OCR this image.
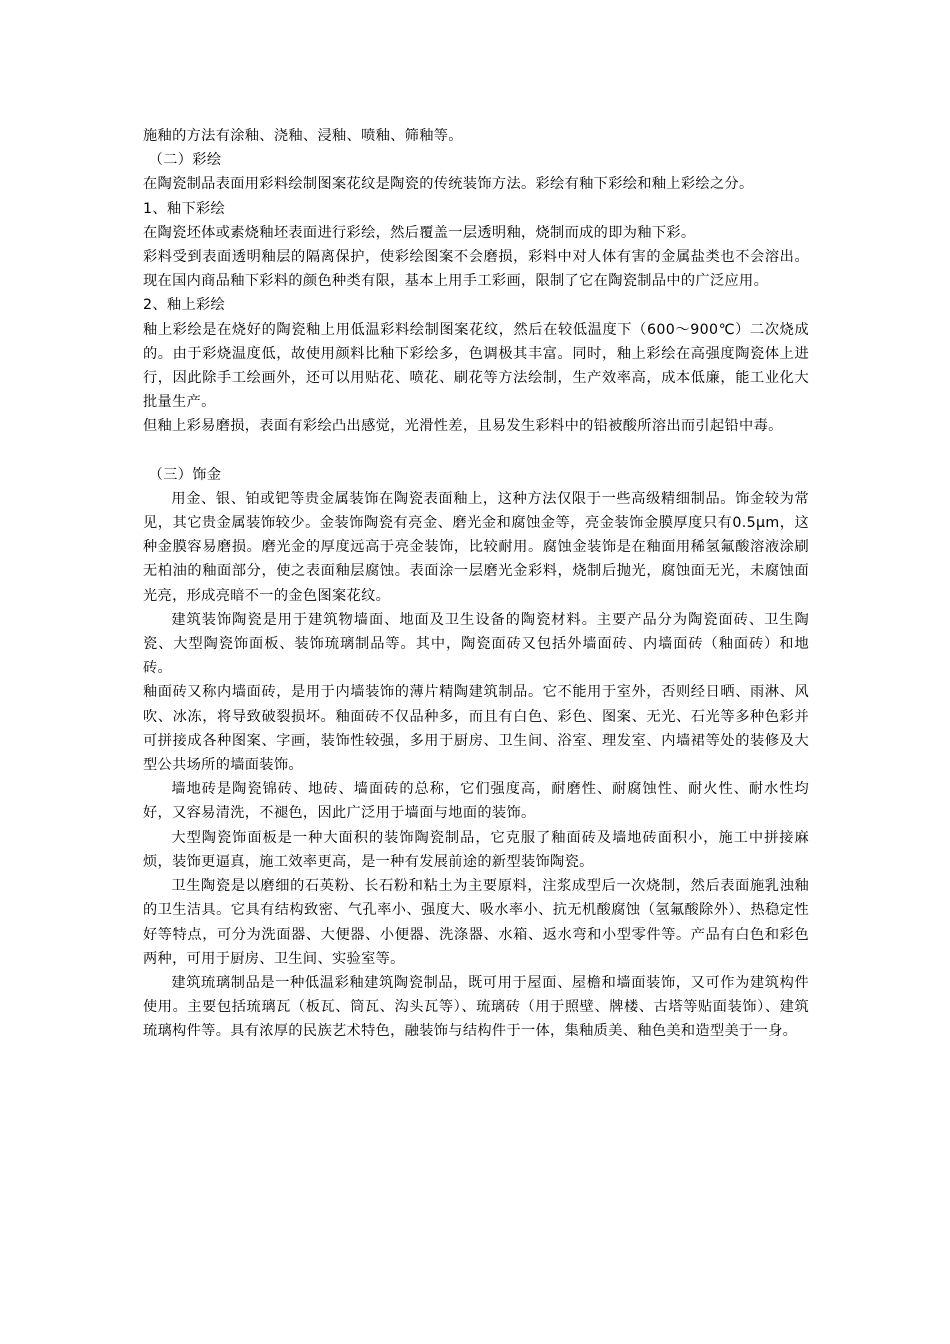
施釉的方法有涂釉、浇釉、浸釉、喷釉、筛釉等。

（二）彩绘

在陶瓷制品表面用彩料绘制图案花纹是陶瓷的传统装饰方法。彩绘有釉下彩绘和釉上彩绘之分。

1、釉下彩绘

在陶瓷坯体或素烧釉坯表面进行彩绘，然后覆盖一层透明釉，烧制而成的即为釉下彩。

彩料受到表面透明釉层的隔离保护，使彩绘图案不会磨损，彩料中对人体有害的金属盐类也不会溶出。现在国内商品釉下彩料的颜色种类有限，基本上用手工彩画，限制了它在陶瓷制品中的广泛应用。

2、釉上彩绘

釉上彩绘是在烧好的陶瓷釉上用低温彩料绘制图案花纹，然后在较低温度下（600～900℃）二次烧成的。由于彩烧温度低，故使用颜料比釉下彩绘多，色调极其丰富。同时，釉上彩绘在高强度陶瓷体上进行，因此除手工绘画外，还可以用贴花、喷花、刷花等方法绘制，生产效率高，成本低廉，能工业化大批量生产。

但釉上彩易磨损，表面有彩绘凸出感觉，光滑性差，且易发生彩料中的铅被酸所溶出而引起铅中毒。

（三）饰金

用金、银、铂或钯等贵金属装饰在陶瓷表面釉上，这种方法仅限于一些高级精细制品。饰金较为常见，其它贵金属装饰较少。金装饰陶瓷有亮金、磨光金和腐蚀金等，亮金装饰金膜厚度只有0.5μm，这种金膜容易磨损。磨光金的厚度远高于亮金装饰，比较耐用。腐蚀金装饰是在釉面用稀氢氟酸溶液涂刷无柏油的釉面部分，使之表面釉层腐蚀。表面涂一层磨光金彩料，烧制后抛光，腐蚀面无光，未腐蚀面光亮，形成亮暗不一的金色图案花纹。

建筑装饰陶瓷是用于建筑物墙面、地面及卫生设备的陶瓷材料。主要产品分为陶瓷面砖、卫生陶瓷、大型陶瓷饰面板、装饰琉璃制品等。其中，陶瓷面砖又包括外墙面砖、内墙面砖（釉面砖）和地砖。

釉面砖又称内墙面砖，是用于内墙装饰的薄片精陶建筑制品。它不能用于室外，否则经日晒、雨淋、风吹、冰冻，将导致破裂损坏。釉面砖不仅品种多，而且有白色、彩色、图案、无光、石光等多种色彩并可拼接成各种图案、字画，装饰性较强，多用于厨房、卫生间、浴室、理发室、内墙裙等处的装修及大型公共场所的墙面装饰。

墙地砖是陶瓷锦砖、地砖、墙面砖的总称，它们强度高，耐磨性、耐腐蚀性、耐火性、耐水性均好，又容易清洗，不褪色，因此广泛用于墙面与地面的装饰。

大型陶瓷饰面板是一种大面积的装饰陶瓷制品，它克服了釉面砖及墙地砖面积小，施工中拼接麻烦，装饰更逼真，施工效率更高，是一种有发展前途的新型装饰陶瓷。

卫生陶瓷是以磨细的石英粉、长石粉和粘土为主要原料，注浆成型后一次烧制，然后表面施乳浊釉的卫生洁具。它具有结构致密、气孔率小、强度大、吸水率小、抗无机酸腐蚀（氢氟酸除外）、热稳定性好等特点，可分为洗面器、大便器、小便器、洗涤器、水箱、返水弯和小型零件等。产品有白色和彩色两种，可用于厨房、卫生间、实验室等。

建筑琉璃制品是一种低温彩釉建筑陶瓷制品，既可用于屋面、屋檐和墙面装饰，又可作为建筑构件使用。主要包括琉璃瓦（板瓦、筒瓦、沟头瓦等）、琉璃砖（用于照壁、牌楼、古塔等贴面装饰）、建筑琉璃构件等。具有浓厚的民族艺术特色，融装饰与结构件于一体，集釉质美、釉色美和造型美于一身。
